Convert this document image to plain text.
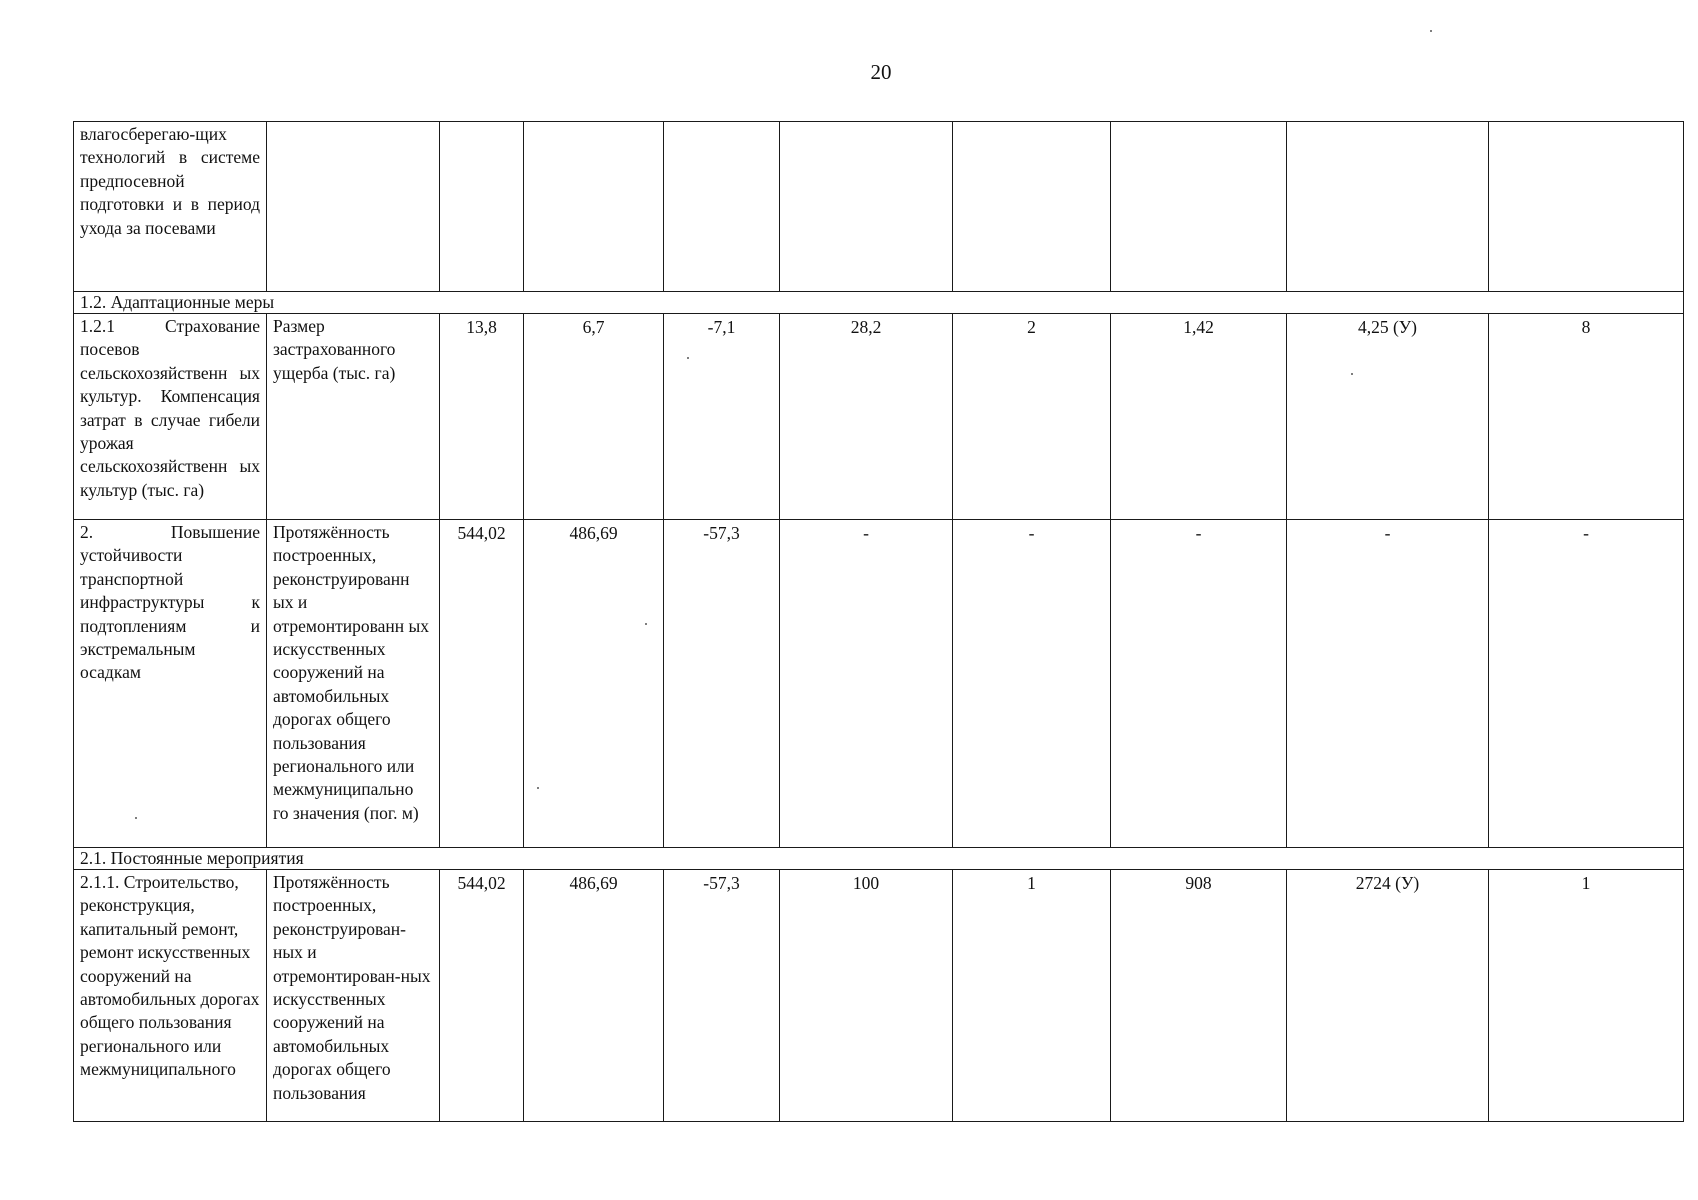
20
влагосберегаю-щих технологий в системе предпосевной подготовки и в период ухода за посевами									
1.2. Адаптационные меры									
1.2.1 Страхование посевов сельскохозяйственн ых культур. Компенсация затрат в случае гибели урожая сельскохозяйственн ых культур (тыс. га)	Размер застрахованного ущерба (тыс. га)	13,8	6,7	-7,1	28,2	2	1,42	4,25 (У)	8
2. Повышение устойчивости транспортной инфраструктуры к подтоплениям и экстремальным осадкам	Протяжённость построенных, реконструированн ых и отремонтированн ых искусственных сооружений на автомобильных дорогах общего пользования регионального или межмуниципально го значения (пог. м)	544,02	486,69	-57,3	-	-	-	-	-
2.1. Постоянные мероприятия									
2.1.1. Строительство, реконструкция, капитальный ремонт, ремонт искусственных сооружений на автомобильных дорогах общего пользования регионального или межмуниципального	Протяжённость построенных, реконструирован-ных и отремонтирован-ных искусственных сооружений на автомобильных дорогах общего пользования	544,02	486,69	-57,3	100	1	908	2724 (У)	1
